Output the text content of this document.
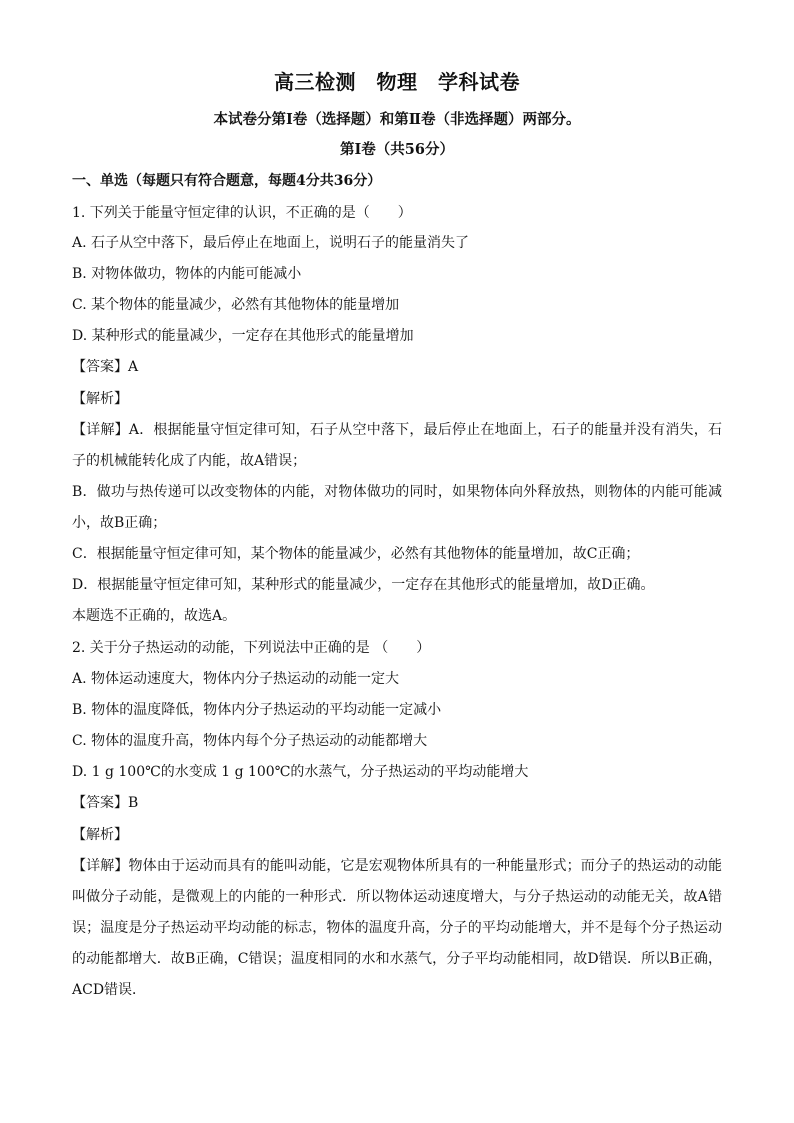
高三检测　物理　学科试卷
本试卷分第Ⅰ卷（选择题）和第Ⅱ卷（非选择题）两部分。
第Ⅰ卷（共56分）
一、单选（每题只有符合题意，每题4分共36分）
1. 下列关于能量守恒定律的认识，不正确的是（　　）
A. 石子从空中落下，最后停止在地面上，说明石子的能量消失了
B. 对物体做功，物体的内能可能减小
C. 某个物体的能量减少，必然有其他物体的能量增加
D. 某种形式的能量减少，一定存在其他形式的能量增加
【答案】A
【解析】
【详解】A．根据能量守恒定律可知，石子从空中落下，最后停止在地面上，石子的能量并没有消失，石
子的机械能转化成了内能，故A错误；
B．做功与热传递可以改变物体的内能，对物体做功的同时，如果物体向外释放热，则物体的内能可能减
小，故B正确；
C．根据能量守恒定律可知，某个物体的能量减少，必然有其他物体的能量增加，故C正确；
D．根据能量守恒定律可知，某种形式的能量减少，一定存在其他形式的能量增加，故D正确。
本题选不正确的，故选A。
2. 关于分子热运动的动能，下列说法中正确的是 （　　）
A. 物体运动速度大，物体内分子热运动的动能一定大
B. 物体的温度降低，物体内分子热运动的平均动能一定减小
C. 物体的温度升高，物体内每个分子热运动的动能都增大
D. 1 g 100℃的水变成 1 g 100℃的水蒸气，分子热运动的平均动能增大
【答案】B
【解析】
【详解】物体由于运动而具有的能叫动能，它是宏观物体所具有的一种能量形式；而分子的热运动的动能
叫做分子动能，是微观上的内能的一种形式．所以物体运动速度增大，与分子热运动的动能无关，故A错
误；温度是分子热运动平均动能的标志，物体的温度升高，分子的平均动能增大，并不是每个分子热运动
的动能都增大．故B正确，C错误；温度相同的水和水蒸气，分子平均动能相同，故D错误．所以B正确，
ACD错误．
